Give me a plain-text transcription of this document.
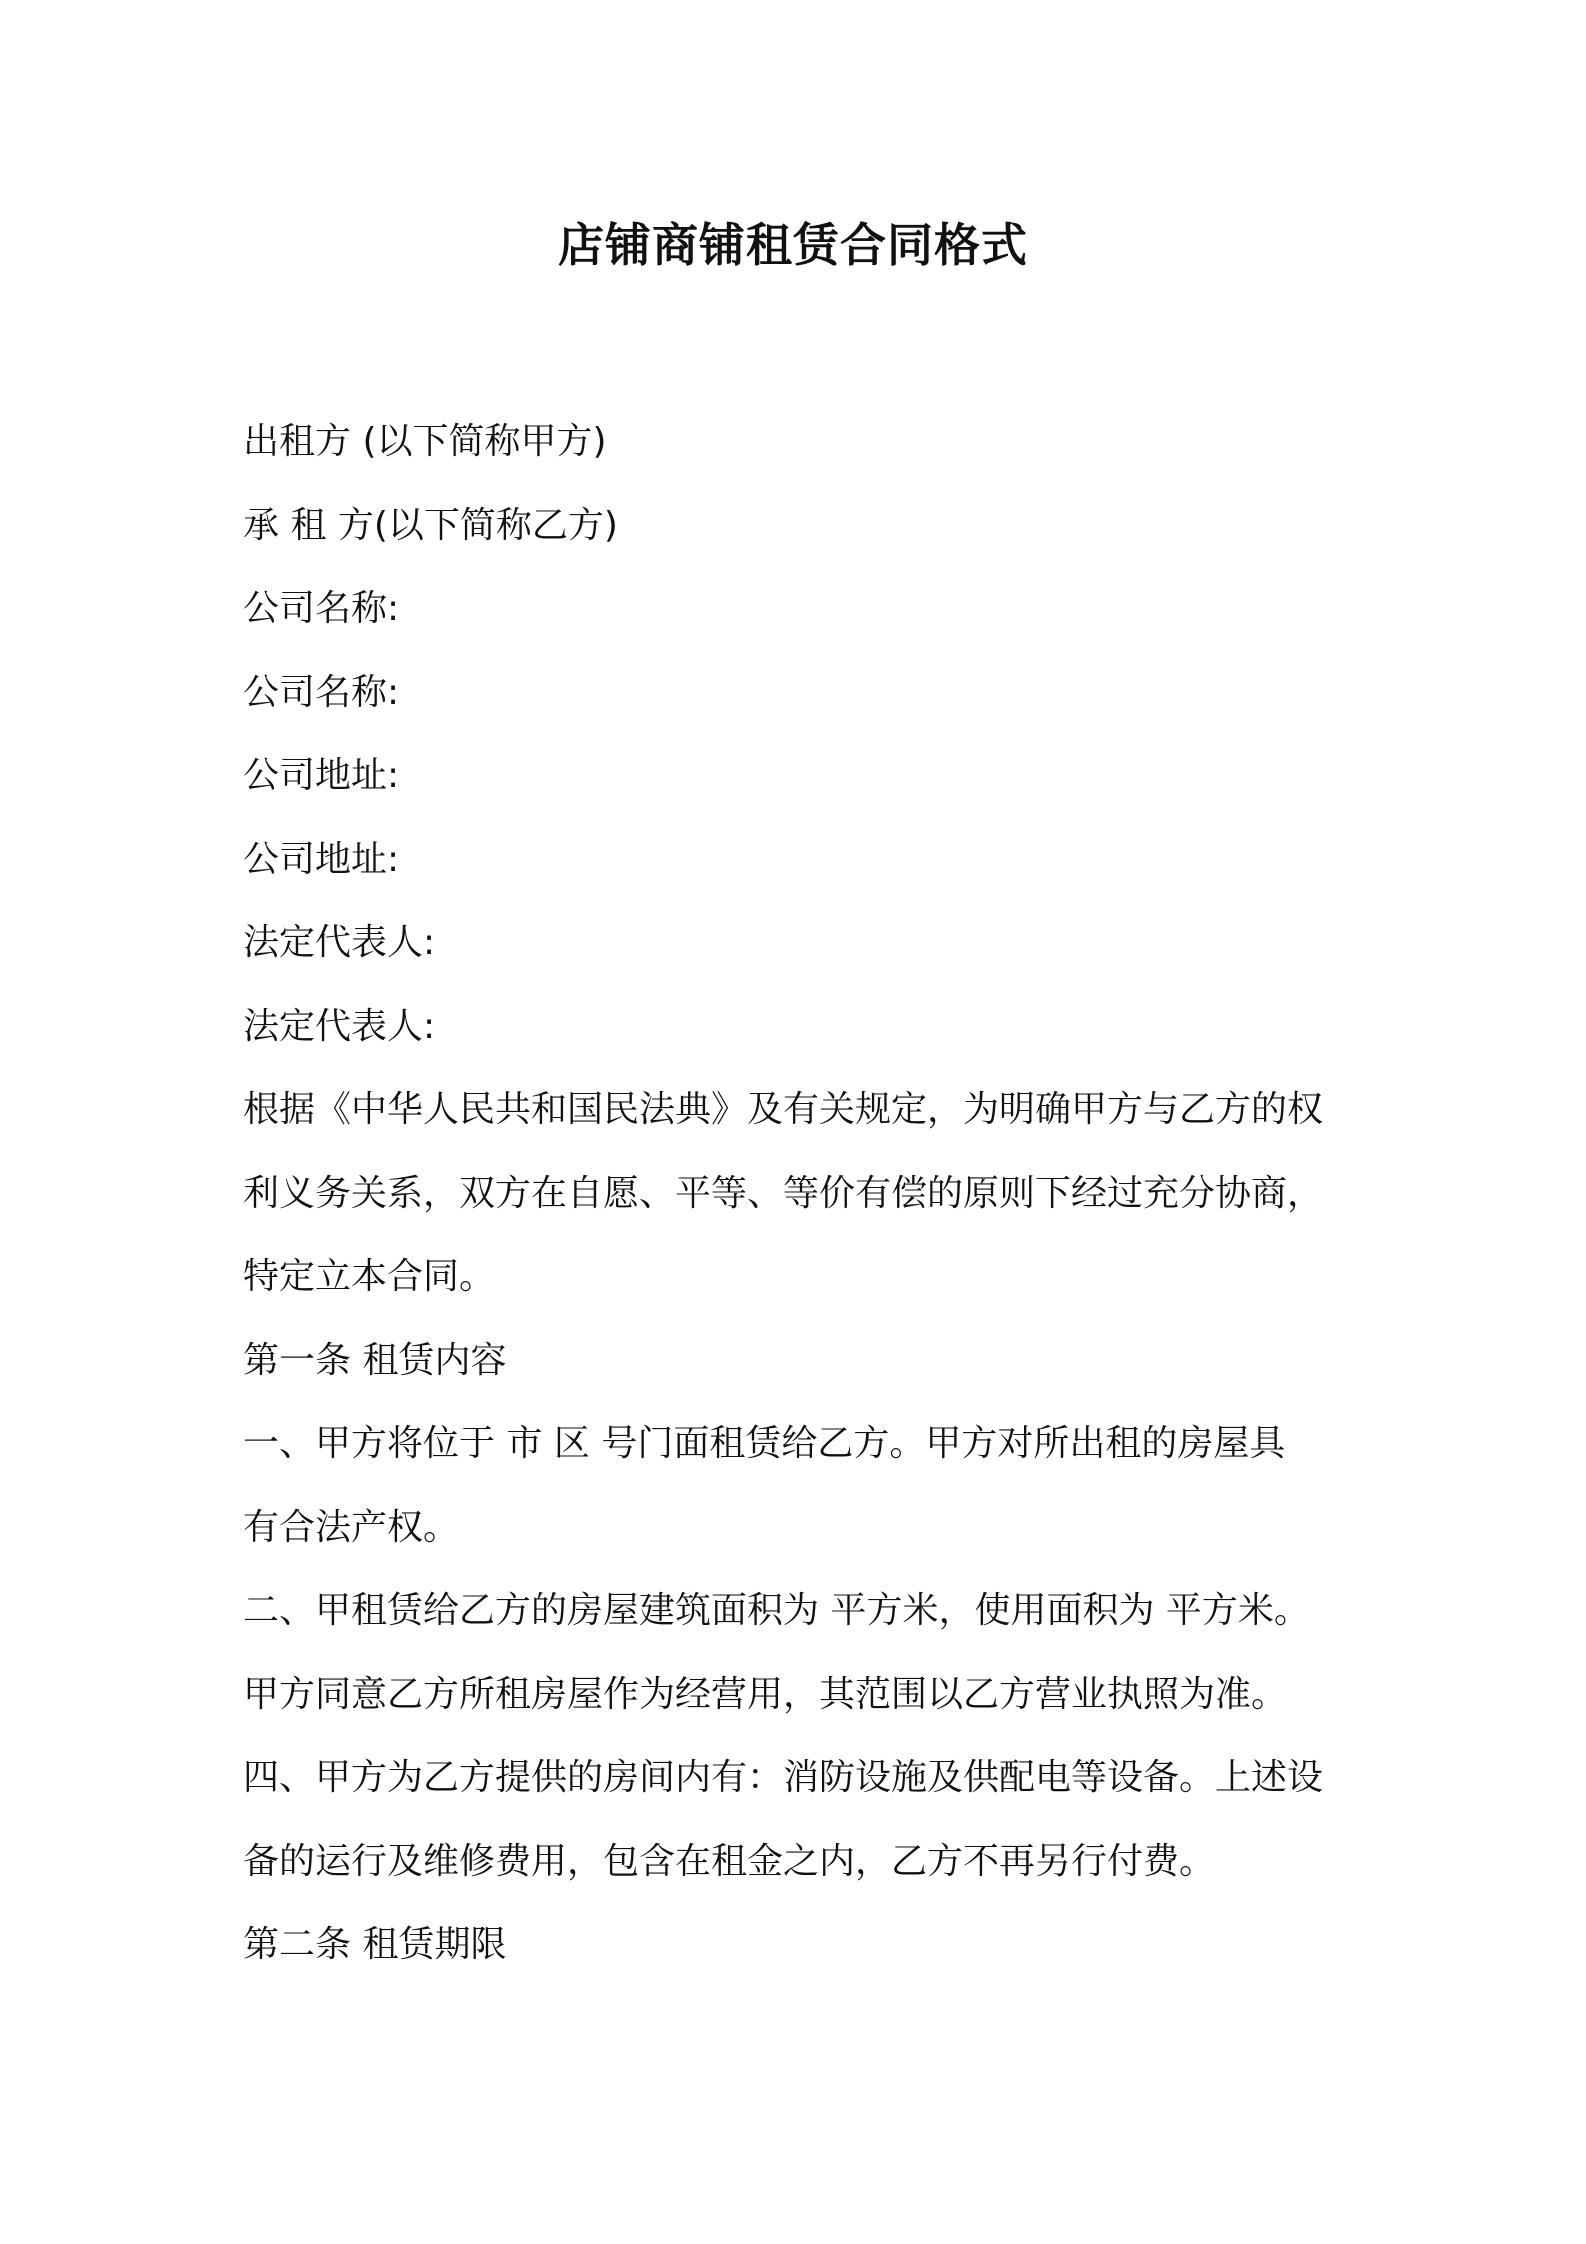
店铺商铺租赁合同格式

出租方 (以下简称甲方)

承 租 方(以下简称乙方)

公司名称:

公司名称:

公司地址:

公司地址:

法定代表人:

法定代表人:

根据《中华人民共和国民法典》及有关规定，为明确甲方与乙方的权

利义务关系，双方在自愿、平等、等价有偿的原则下经过充分协商，

特定立本合同。

第一条 租赁内容

一、甲方将位于 市 区 号门面租赁给乙方。甲方对所出租的房屋具

有合法产权。

二、甲租赁给乙方的房屋建筑面积为 平方米，使用面积为 平方米。

甲方同意乙方所租房屋作为经营用，其范围以乙方营业执照为准。

四、甲方为乙方提供的房间内有：消防设施及供配电等设备。上述设

备的运行及维修费用，包含在租金之内，乙方不再另行付费。

第二条 租赁期限
